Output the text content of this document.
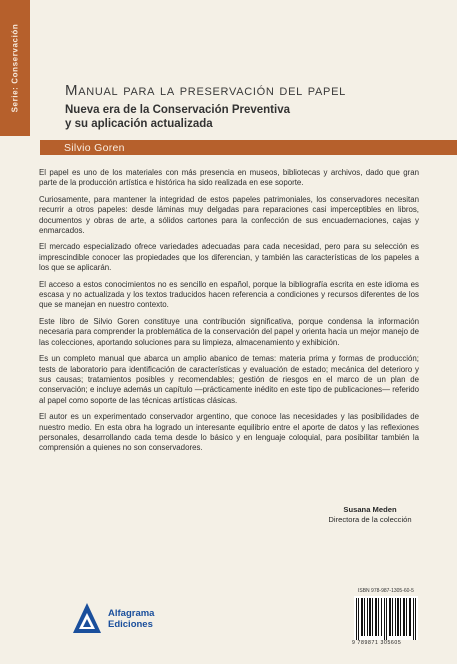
Serie: Conservación	Manual para la preservación del papel
Nueva era de la Conservación Preventiva
y su aplicación actualizada
Silvio Goren

El papel es uno de los materiales con más presencia en museos, bibliotecas y archivos, dado que gran parte de la producción artística e histórica ha sido realizada en ese soporte.

Curiosamente, para mantener la integridad de estos papeles patrimoniales, los conservadores necesitan recurrir a otros papeles: desde láminas muy delgadas para reparaciones casi imperceptibles en libros, documentos y obras de arte, a sólidos cartones para la confección de sus encuadernaciones, cajas y enmarcados.

El mercado especializado ofrece variedades adecuadas para cada necesidad, pero para su selección es imprescindible conocer las propiedades que los diferencian, y también las características de los papeles a los que se aplicarán.

El acceso a estos conocimientos no es sencillo en español, porque la bibliografía escrita en este idioma es escasa y no actualizada y los textos traducidos hacen referencia a condiciones y recursos diferentes de los que se manejan en nuestro contexto.

Este libro de Silvio Goren constituye una contribución significativa, porque condensa la información necesaria para comprender la problemática de la conservación del papel y orienta hacia un mejor manejo de las colecciones, aportando soluciones para su limpieza, almacenamiento y exhibición.

Es un completo manual que abarca un amplio abanico de temas: materia prima y formas de producción; tests de laboratorio para identificación de características y evaluación de estado; mecánica del deterioro y sus causas; tratamientos posibles y recomendables; gestión de riesgos en el marco de un plan de conservación; e incluye además un capítulo —prácticamente inédito en este tipo de publicaciones— referido al papel como soporte de las técnicas artísticas clásicas.

El autor es un experimentado conservador argentino, que conoce las necesidades y las posibilidades de nuestro medio. En esta obra ha logrado un interesante equilibrio entre el aporte de datos y las reflexiones personales, desarrollando cada tema desde lo básico y en lenguaje coloquial, para posibilitar también la comprensión a quienes no son conservadores.

Susana Meden
Directora de la colección
Alfagrama
Ediciones
ISBN 978-987-1305-60-5
9 789871 305605
